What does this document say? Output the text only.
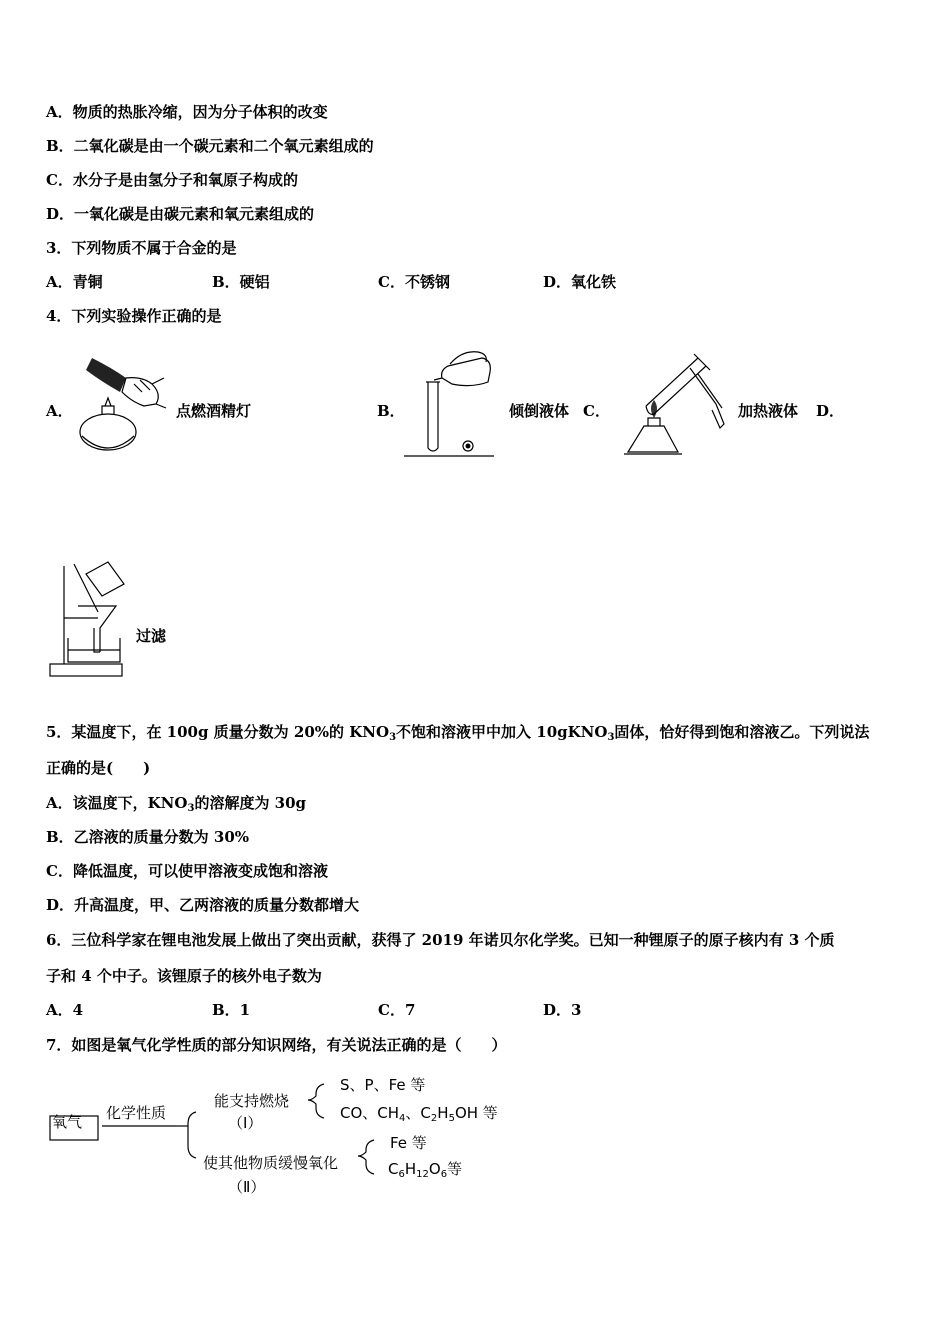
A．物质的热胀冷缩，因为分子体积的改变
B．二氧化碳是由一个碳元素和二个氧元素组成的
C．水分子是由氢分子和氧原子构成的
D．一氧化碳是由碳元素和氧元素组成的
3．下列物质不属于合金的是
A．青铜	B．硬铝	C．不锈钢	D．氧化铁
4．下列实验操作正确的是
A．	点燃酒精灯	B．	倾倒液体 C．	加热液体 D．
过滤
5．某温度下，在 100g 质量分数为 20%的 $KNO_3$不饱和溶液甲中加入 10gKNO$_3$固体，恰好得到饱和溶液乙。下列说法
正确的是(　　)
A．该温度下，$KNO_3$的溶解度为 30g
B．乙溶液的质量分数为 30%
C．降低温度，可以使甲溶液变成饱和溶液
D．升高温度，甲、乙两溶液的质量分数都增大
6．三位科学家在锂电池发展上做出了突出贡献，获得了 2019 年诺贝尔化学奖。已知一种锂原子的原子核内有 3 个质
子和 4 个中子。该锂原子的核外电子数为
A．4	B．1	C．7	D．3
7．如图是氧气化学性质的部分知识网络，有关说法正确的是（　　）
氧气 化学性质
能支持燃烧
（Ⅰ）
S、P、Fe 等
CO、$CH_4$、$C_2H_5OH$ 等
使其他物质缓慢氧化
（Ⅱ）
Fe 等
$C_6H_{12}O_6$等
